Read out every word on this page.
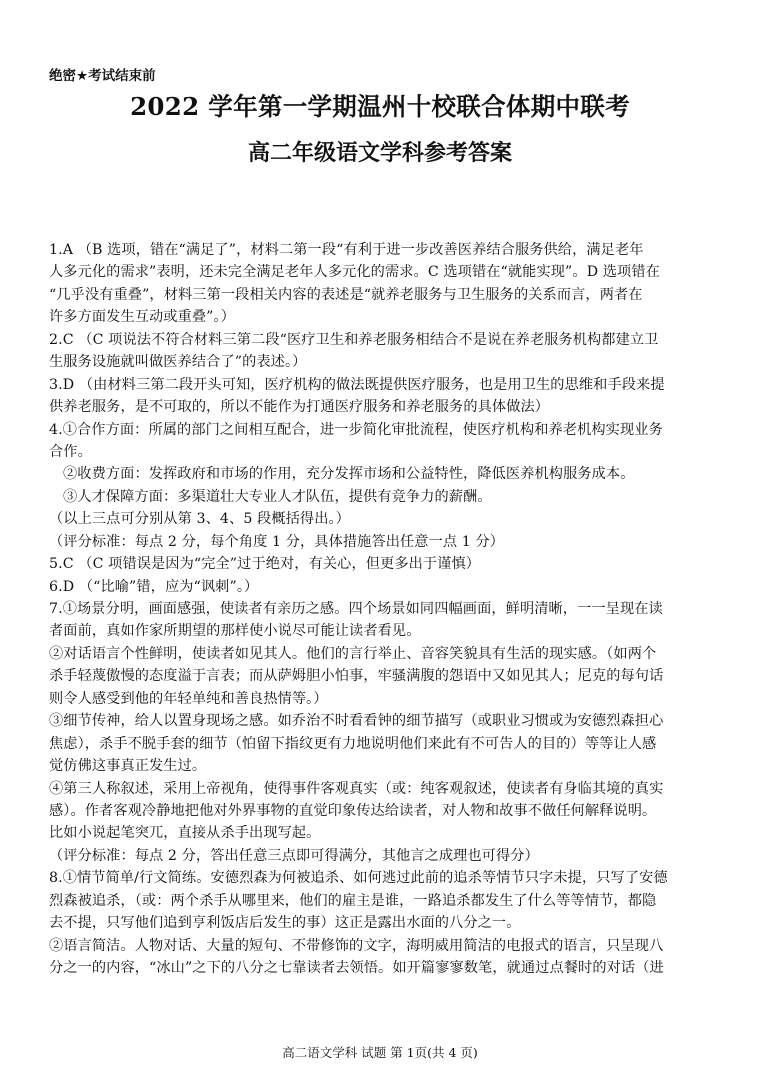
绝密★考试结束前
2022 学年第一学期温州十校联合体期中联考
高二年级语文学科参考答案
1.A （B 选项，错在“满足了”，材料二第一段“有利于进一步改善医养结合服务供给，满足老年
人多元化的需求”表明，还未完全满足老年人多元化的需求。C 选项错在“就能实现”。D 选项错在
“几乎没有重叠”，材料三第一段相关内容的表述是“就养老服务与卫生服务的关系而言，两者在
许多方面发生互动或重叠”。）
2.C （C 项说法不符合材料三第二段“医疗卫生和养老服务相结合不是说在养老服务机构都建立卫
生服务设施就叫做医养结合了”的表述。）
3.D （由材料三第二段开头可知，医疗机构的做法既提供医疗服务，也是用卫生的思维和手段来提
供养老服务，是不可取的，所以不能作为打通医疗服务和养老服务的具体做法）
4.①合作方面：所属的部门之间相互配合，进一步简化审批流程，使医疗机构和养老机构实现业务
合作。
②收费方面：发挥政府和市场的作用，充分发挥市场和公益特性，降低医养机构服务成本。
③人才保障方面：多渠道壮大专业人才队伍，提供有竞争力的薪酬。
（以上三点可分别从第 3、4、5 段概括得出。）
（评分标准：每点 2 分，每个角度 1 分，具体措施答出任意一点 1 分）
5.C （C 项错误是因为“完全”过于绝对，有关心，但更多出于谨慎）
6.D （“比喻”错，应为“讽刺”。）
7.①场景分明，画面感强，使读者有亲历之感。四个场景如同四幅画面，鲜明清晰，一一呈现在读
者面前，真如作家所期望的那样使小说尽可能让读者看见。
②对话语言个性鲜明，使读者如见其人。他们的言行举止、音容笑貌具有生活的现实感。（如两个
杀手轻蔑傲慢的态度溢于言表；而从萨姆胆小怕事，牢骚满腹的怨语中又如见其人；尼克的每句话
则令人感受到他的年轻单纯和善良热情等。）
③细节传神，给人以置身现场之感。如乔治不时看看钟的细节描写（或职业习惯或为安德烈森担心
焦虑），杀手不脱手套的细节（怕留下指纹更有力地说明他们来此有不可告人的目的）等等让人感
觉仿佛这事真正发生过。
④第三人称叙述，采用上帝视角，使得事件客观真实（或：纯客观叙述，使读者有身临其境的真实
感）。作者客观冷静地把他对外界事物的直觉印象传达给读者，对人物和故事不做任何解释说明。
比如小说起笔突兀，直接从杀手出现写起。
（评分标准：每点 2 分，答出任意三点即可得满分，其他言之成理也可得分）
8.①情节简单/行文简练。安德烈森为何被追杀、如何逃过此前的追杀等情节只字未提，只写了安德
烈森被追杀，（或：两个杀手从哪里来，他们的雇主是谁，一路追杀都发生了什么等等情节，都隐
去不提，只写他们追到亨利饭店后发生的事）这正是露出水面的八分之一。
②语言简洁。人物对话、大量的短句、不带修饰的文字，海明威用简洁的电报式的语言，只呈现八
分之一的内容，“冰山”之下的八分之七靠读者去领悟。如开篇寥寥数笔，就通过点餐时的对话（进
高二语文学科 试题 第 1页(共 4 页)
